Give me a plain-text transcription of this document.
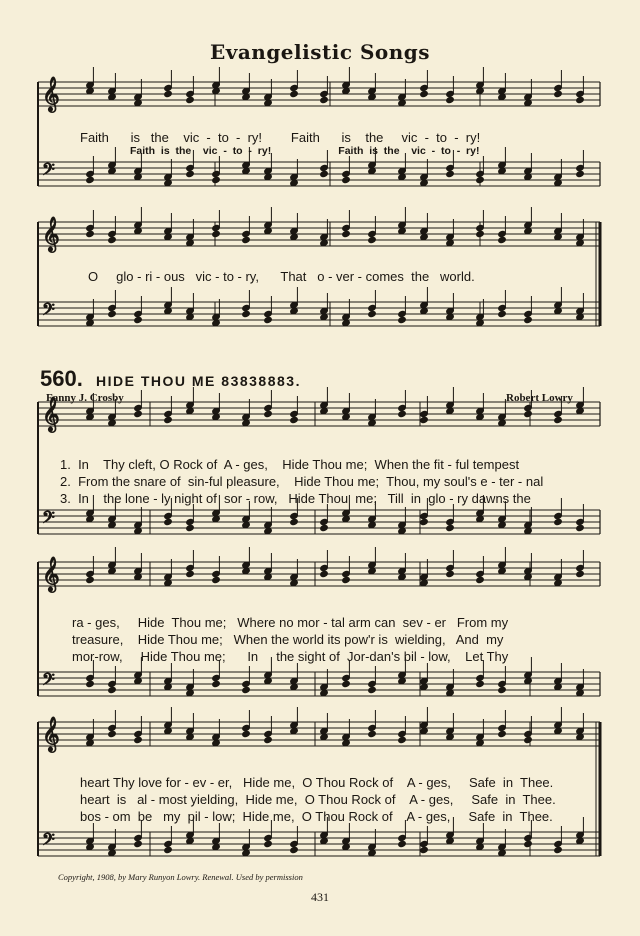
Evangelistic Songs
𝄞
𝄢
𝄞
𝄢
𝄞
𝄢
𝄞
𝄢
𝄞
𝄢
Faith      is   the    vic  -  to  -  ry!        Faith      is    the     vic  -  to  -  ry!
Faith  is  the    vic  -  to  -  ry!                       Faith  is  the    vic  -  to  -  ry!
O     glo - ri - ous   vic - to - ry,      That   o - ver - comes  the   world.
560. HIDE THOU ME 83838883.
Fanny J. Crosby	Robert Lowry
1.  In    Thy cleft, O Rock of  A - ges,    Hide Thou me;  When the fit - ful tempest
2.  From the snare of  sin-ful pleasure,    Hide Thou me;  Thou, my soul's e - ter - nal
3.  In    the lone - ly night of  sor - row,   Hide Thou  me;   Till  in  glo - ry dawns the
ra - ges,     Hide  Thou me;   Where no mor - tal arm can  sev - er   From my
treasure,    Hide Thou me;   When the world its pow'r is  wielding,   And  my
mor-row,     Hide Thou me;      In     the sight of  Jor-dan's bil - low,    Let Thy
heart Thy love for - ev - er,   Hide me,  O Thou Rock of    A - ges,     Safe  in  Thee.
heart  is   al - most yielding,  Hide me,  O Thou Rock of    A - ges,     Safe  in  Thee.
bos - om  be   my  pil - low;  Hide me,  O Thou Rock of    A - ges,     Safe  in  Thee.
Copyright, 1908, by Mary Runyon Lowry. Renewal. Used by permission
431
